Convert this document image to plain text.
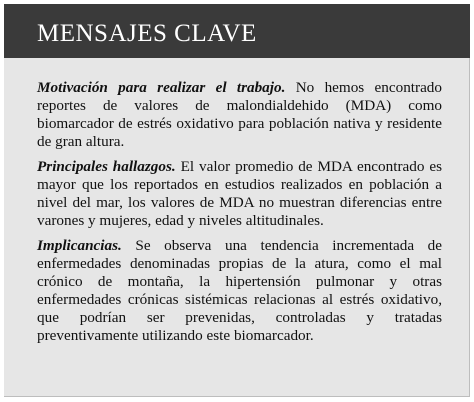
MENSAJES CLAVE

Motivación para realizar el trabajo. No hemos encontrado reportes de valores de malondialdehido (MDA) como biomarcador de estrés oxidativo para población nativa y residente de gran altura.

Principales hallazgos. El valor promedio de MDA encontrado es mayor que los reportados en estudios realizados en población a nivel del mar, los valores de MDA no muestran diferencias entre varones y mujeres, edad y niveles altitudinales.

Implicancias. Se observa una tendencia incrementada de enfermedades denominadas propias de la atura, como el mal crónico de montaña, la hipertensión pulmonar y otras enfermedades crónicas sistémicas relacionas al estrés oxidativo, que podrían ser prevenidas, controladas y tratadas preventivamente utilizando este biomarcador.
